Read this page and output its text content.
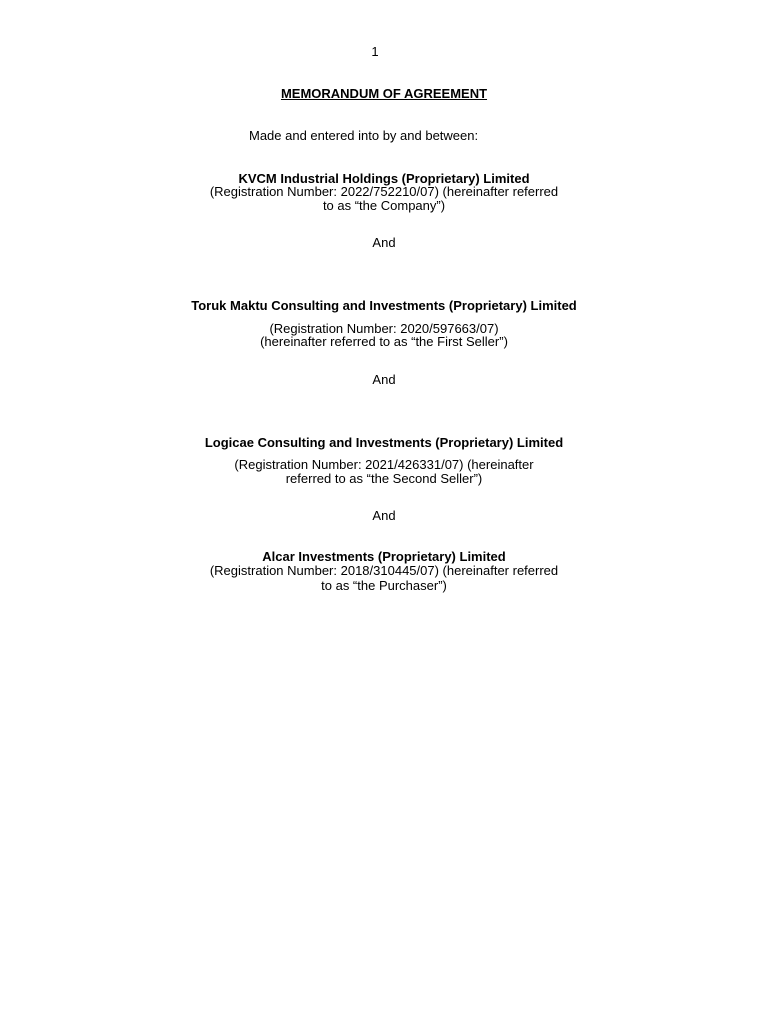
1
MEMORANDUM OF AGREEMENT
Made and entered into by and between:
KVCM Industrial Holdings (Proprietary) Limited
(Registration Number: 2022/752210/07) (hereinafter referred
to as “the Company”)
And
Toruk Maktu Consulting and Investments (Proprietary) Limited
(Registration Number: 2020/597663/07)
(hereinafter referred to as “the First Seller”)
And
Logicae Consulting and Investments (Proprietary) Limited
(Registration Number: 2021/426331/07) (hereinafter
referred to as “the Second Seller”)
And
Alcar Investments (Proprietary) Limited
(Registration Number: 2018/310445/07) (hereinafter referred
to as “the Purchaser”)
